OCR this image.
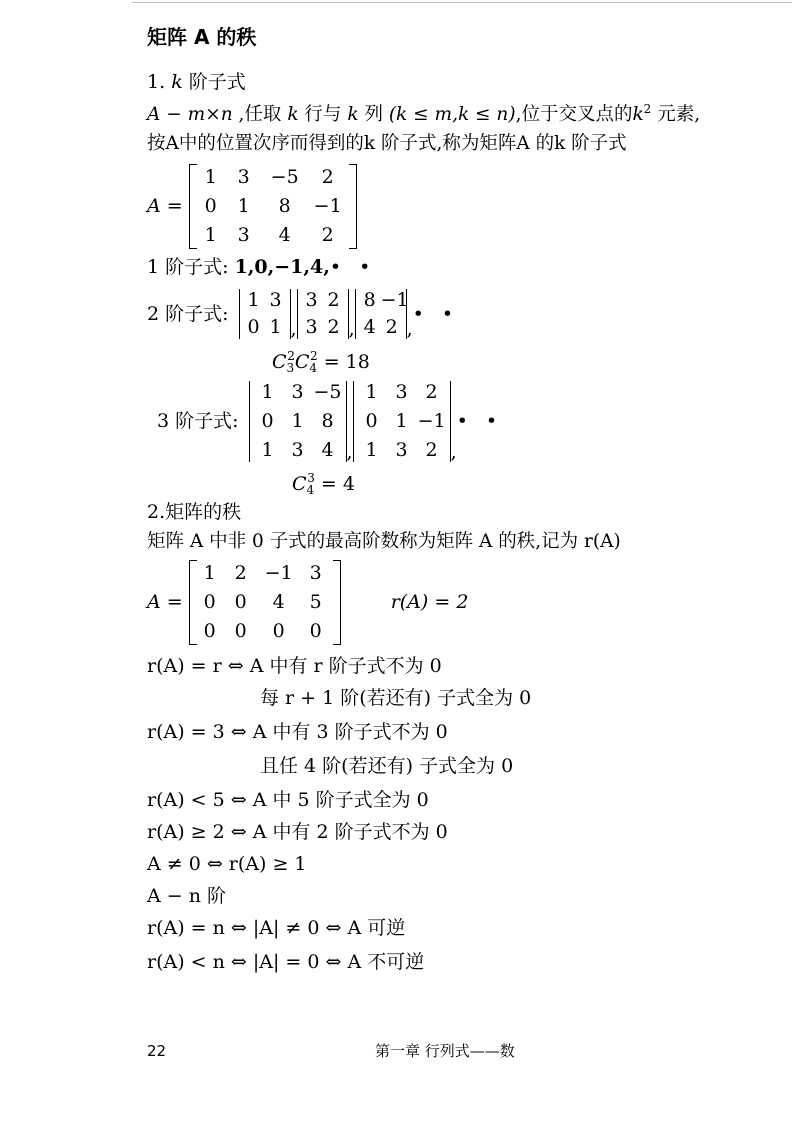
矩阵 A 的秩
1. k 阶子式
A − m×n ,任取 k 行与 k 列 (k ≤ m,k ≤ n),位于交叉点的$k^2$ 元素,
按A中的位置次序而得到的k 阶子式,称为矩阵A 的k 阶子式
A =
1	3	−5	2
0	1	8	−1
1	3	4	2
1 阶子式: 1,0,−1,4,• •
2 阶子式:
1 3
0 1 ,
3 2
3 2 ,
8 −1
4 2 ,
• •
$C_3^2C_4^2 = 18$
3 阶子式:
1 3 −5
0 1 8
1 3 4 ,
1 3 2
0 1 −1
1 3 2 ,
• •
$C_4^3 = 4$
2.矩阵的秩
矩阵 A 中非 0 子式的最高阶数称为矩阵 A 的秩,记为 r(A)
A =
1 2 −1 3
0 0	4	5
0 0	0	0
r(A) = 2
r(A) = r ⇔ A 中有 r 阶子式不为 0
每 r + 1 阶(若还有) 子式全为 0
r(A) = 3 ⇔ A 中有 3 阶子式不为 0
且任 4 阶(若还有) 子式全为 0
r(A) < 5 ⇔ A 中 5 阶子式全为 0
r(A) ≥ 2 ⇔ A 中有 2 阶子式不为 0
A ≠ 0 ⇔ r(A) ≥ 1
A − n 阶
r(A) = n ⇔ |A| ≠ 0 ⇔ A 可逆
r(A) < n ⇔ |A| = 0 ⇔ A 不可逆
22	第一章 行列式——数
